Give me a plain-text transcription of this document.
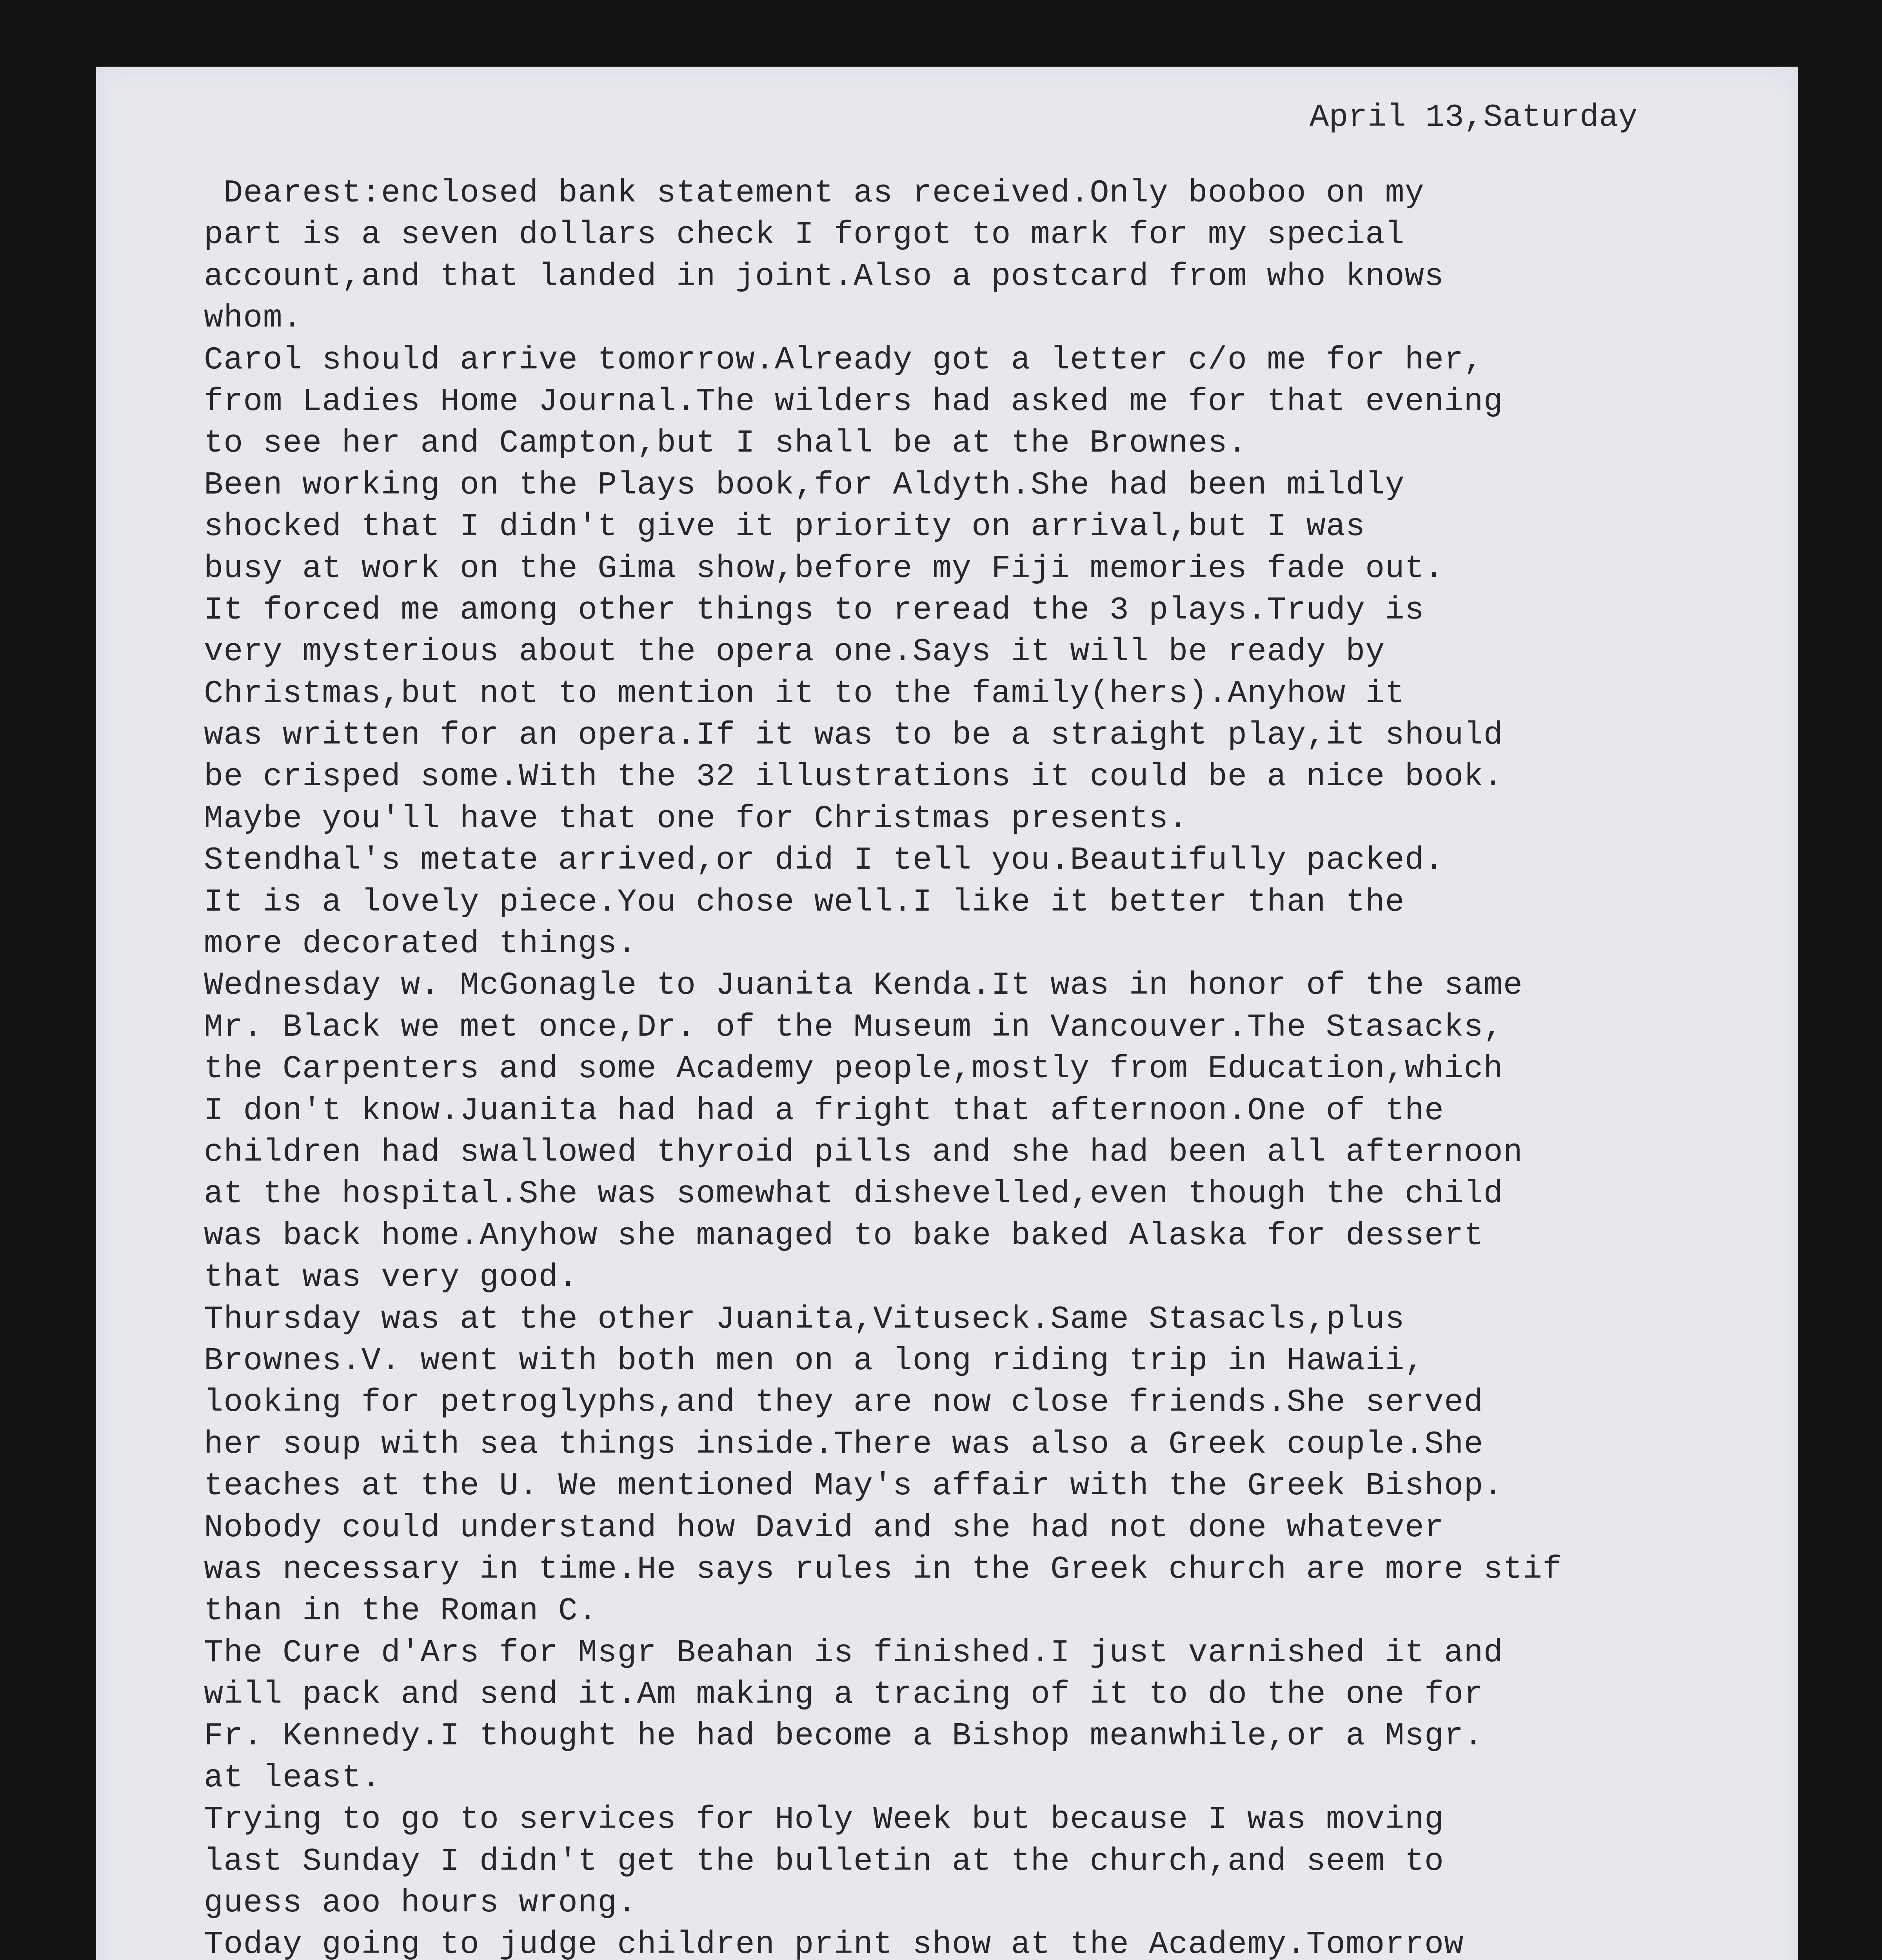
April 13,Saturday
Dearest:enclosed bank statement as received.Only booboo on my
part is a seven dollars check I forgot to mark for my special
account,and that landed in joint.Also a postcard from who knows
whom.
Carol should arrive tomorrow.Already got a letter c/o me for her,
from Ladies Home Journal.The wilders had asked me for that evening
to see her and Campton,but I shall be at the Brownes.
Been working on the Plays book,for Aldyth.She had been mildly
shocked that I didn't give it priority on arrival,but I was
busy at work on the Gima show,before my Fiji memories fade out.
It forced me among other things to reread the 3 plays.Trudy is
very mysterious about the opera one.Says it will be ready by
Christmas,but not to mention it to the family(hers).Anyhow it
was written for an opera.If it was to be a straight play,it should
be crisped some.With the 32 illustrations it could be a nice book.
Maybe you'll have that one for Christmas presents.
Stendhal's metate arrived,or did I tell you.Beautifully packed.
It is a lovely piece.You chose well.I like it better than the
more decorated things.
Wednesday w. McGonagle to Juanita Kenda.It was in honor of the same
Mr. Black we met once,Dr. of the Museum in Vancouver.The Stasacks,
the Carpenters and some Academy people,mostly from Education,which
I don't know.Juanita had had a fright that afternoon.One of the
children had swallowed thyroid pills and she had been all afternoon
at the hospital.She was somewhat dishevelled,even though the child
was back home.Anyhow she managed to bake baked Alaska for dessert
that was very good.
Thursday was at the other Juanita,Vituseck.Same Stasacls,plus
Brownes.V. went with both men on a long riding trip in Hawaii,
looking for petroglyphs,and they are now close friends.She served
her soup with sea things inside.There was also a Greek couple.She
teaches at the U. We mentioned May's affair with the Greek Bishop.
Nobody could understand how David and she had not done whatever
was necessary in time.He says rules in the Greek church are more stif
than in the Roman C.
The Cure d'Ars for Msgr Beahan is finished.I just varnished it and
will pack and send it.Am making a tracing of it to do the one for
Fr. Kennedy.I thought he had become a Bishop meanwhile,or a Msgr.
at least.
Trying to go to services for Holy Week but because I was moving
last Sunday I didn't get the bulletin at the church,and seem to
guess aoo hours wrong.
Today going to judge children print show at the Academy.Tomorrow
